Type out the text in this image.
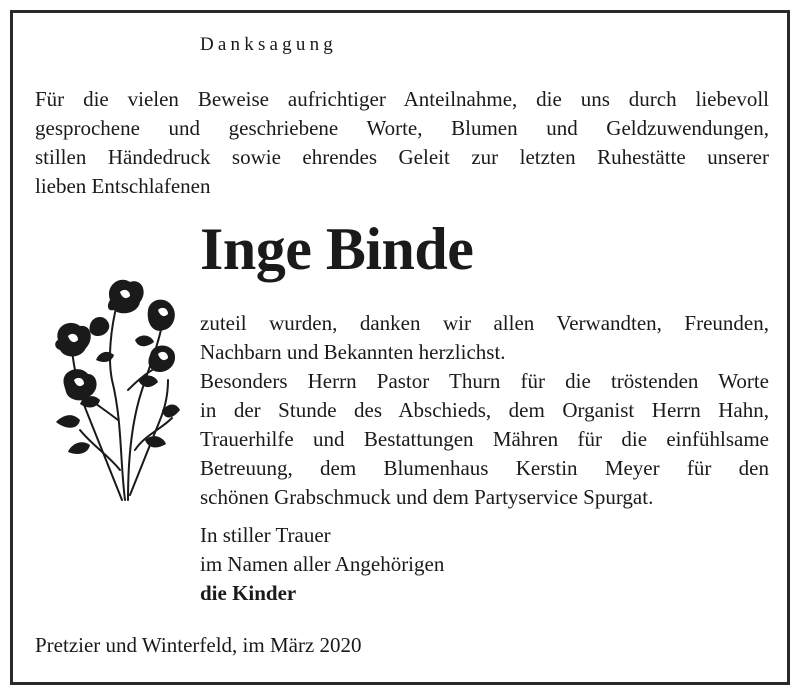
Danksagung
Für die vielen Beweise aufrichtiger Anteilnahme, die uns durch liebevoll
gesprochene und geschriebene Worte, Blumen und Geldzuwendungen,
stillen Händedruck sowie ehrendes Geleit zur letzten Ruhestätte unserer
lieben Entschlafenen
Inge Binde
zuteil wurden, danken wir allen Verwandten, Freunden,
Nachbarn und Bekannten herzlichst.
Besonders Herrn Pastor Thurn für die tröstenden Worte
in der Stunde des Abschieds, dem Organist Herrn Hahn,
Trauerhilfe und Bestattungen Mähren für die einfühlsame
Betreuung, dem Blumenhaus Kerstin Meyer für den
schönen Grabschmuck und dem Partyservice Spurgat.
In stiller Trauer
im Namen aller Angehörigen
die Kinder
Pretzier und Winterfeld, im März 2020
